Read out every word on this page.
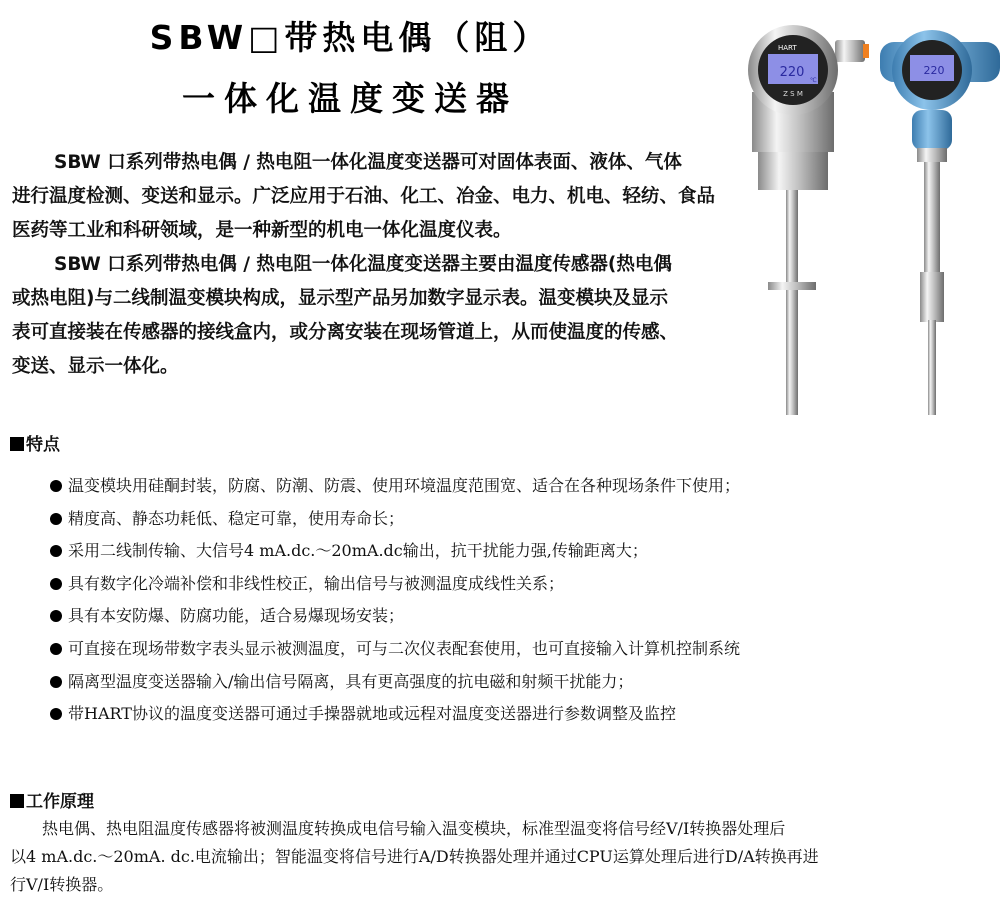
SBW□带热电偶（阻）
一体化温度变送器
SBW 口系列带热电偶 / 热电阻一体化温度变送器可对固体表面、液体、气体
进行温度检测、变送和显示。广泛应用于石油、化工、冶金、电力、机电、轻纺、食品
医药等工业和科研领域，是一种新型的机电一体化温度仪表。
SBW 口系列带热电偶 / 热电阻一体化温度变送器主要由温度传感器(热电偶
或热电阻)与二线制温变模块构成，显示型产品另加数字显示表。温变模块及显示
表可直接装在传感器的接线盒内，或分离安装在现场管道上，从而使温度的传感、
变送、显示一体化。
HART
220
℃
Z S M
220
特点
温变模块用硅酮封装，防腐、防潮、防震、使用环境温度范围宽、适合在各种现场条件下使用；
精度高、静态功耗低、稳定可靠，使用寿命长；
采用二线制传输、大信号4 mA.dc.～20mA.dc输出，抗干扰能力强,传输距离大；
具有数字化冷端补偿和非线性校正，输出信号与被测温度成线性关系；
具有本安防爆、防腐功能，适合易爆现场安装；
可直接在现场带数字表头显示被测温度，可与二次仪表配套使用，也可直接输入计算机控制系统
隔离型温度变送器输入/输出信号隔离，具有更高强度的抗电磁和射频干扰能力；
带HART协议的温度变送器可通过手操器就地或远程对温度变送器进行参数调整及监控
工作原理
热电偶、热电阻温度传感器将被测温度转换成电信号输入温变模块，标准型温变将信号经V/I转换器处理后
以4 mA.dc.～20mA. dc.电流输出；智能温变将信号进行A/D转换器处理并通过CPU运算处理后进行D/A转换再进
行V/I转换器。
